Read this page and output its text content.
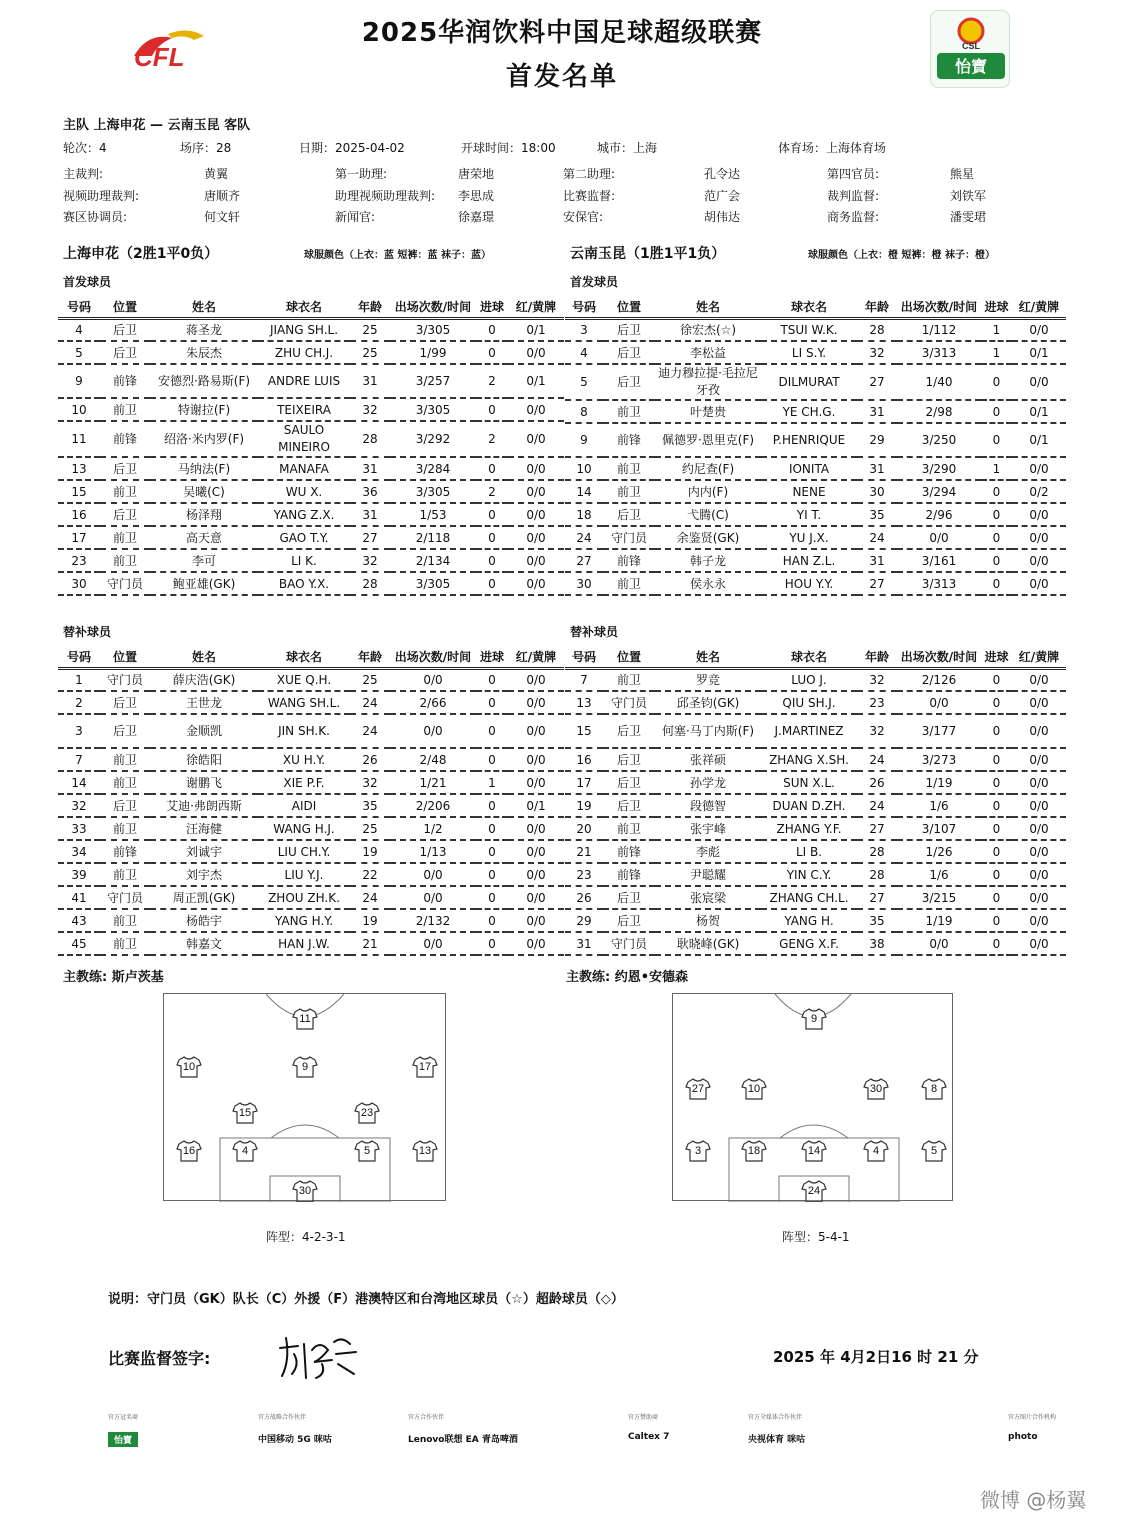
CFL
2025华润饮料中国足球超级联赛
首发名单
CSL
怡寶
主队 上海申花 — 云南玉昆 客队
轮次：4	场序：28	日期：2025-04-02	开球时间：18:00	城市：上海	体育场：上海体育场
主裁判:	黄翼	第一助理:	唐荣地	第二助理:	孔令达	第四官员:	熊星
视频助理裁判:	唐顺齐	助理视频助理裁判: 李思成	比赛监督:	范广会	裁判监督:	刘铁军
赛区协调员:	何文轩	新闻官:	徐嘉璟	安保官:	胡伟达	商务监督:	潘雯珺
上海申花（2胜1平0负）	球服颜色（上衣：蓝 短裤：蓝 袜子：蓝）
首发球员
云南玉昆（1胜1平1负）	球服颜色（上衣：橙 短裤：橙 袜子：橙）
首发球员
号码	位置	姓名	球衣名	年龄	出场次数/时间	进球	红/黄牌
4	后卫	蒋圣龙	JIANG SH.L.	25	3/305	0	0/1
5	后卫	朱辰杰	ZHU CH.J.	25	1/99	0	0/0
9	前锋	安德烈·路易斯(F)	ANDRE LUIS	31	3/257	2	0/1
10	前卫	特谢拉(F)	TEIXEIRA	32	3/305	0	0/0
11	前锋	绍洛·米内罗(F)	SAULO MINEIRO	28	3/292	2	0/0
13	后卫	马纳法(F)	MANAFA	31	3/284	0	0/0
15	前卫	吴曦(C)	WU X.	36	3/305	2	0/0
16	后卫	杨泽翔	YANG Z.X.	31	1/53	0	0/0
17	前卫	高天意	GAO T.Y.	27	2/118	0	0/0
23	前卫	李可	LI K.	32	2/134	0	0/0
30	守门员	鲍亚雄(GK)	BAO Y.X.	28	3/305	0	0/0
号码	位置	姓名	球衣名	年龄	出场次数/时间	进球	红/黄牌
3	后卫	徐宏杰(☆)	TSUI W.K.	28	1/112	1	0/0
4	后卫	李松益	LI S.Y.	32	3/313	1	0/1
5	后卫	迪力穆拉提·毛拉尼牙孜	DILMURAT	27	1/40	0	0/0
8	前卫	叶楚贵	YE CH.G.	31	2/98	0	0/1
9	前锋	佩德罗·恩里克(F)	P.HENRIQUE	29	3/250	0	0/1
10	前卫	约尼查(F)	IONITA	31	3/290	1	0/0
14	前卫	内内(F)	NENE	30	3/294	0	0/2
18	后卫	弋腾(C)	YI T.	35	2/96	0	0/0
24	守门员	余鉴贤(GK)	YU J.X.	24	0/0	0	0/0
27	前锋	韩子龙	HAN Z.L.	31	3/161	0	0/0
30	前卫	侯永永	HOU Y.Y.	27	3/313	0	0/0
替补球员	替补球员
号码	位置	姓名	球衣名	年龄	出场次数/时间	进球	红/黄牌
1	守门员	薛庆浩(GK)	XUE Q.H.	25	0/0	0	0/0
2	后卫	王世龙	WANG SH.L.	24	2/66	0	0/0
3	后卫	金顺凯	JIN SH.K.	24	0/0	0	0/0
7	前卫	徐皓阳	XU H.Y.	26	2/48	0	0/0
14	前卫	谢鹏飞	XIE P.F.	32	1/21	1	0/0
32	后卫	艾迪·弗朗西斯	AIDI	35	2/206	0	0/1
33	前卫	汪海健	WANG H.J.	25	1/2	0	0/0
34	前锋	刘诚宇	LIU CH.Y.	19	1/13	0	0/0
39	前卫	刘宇杰	LIU Y.J.	22	0/0	0	0/0
41	守门员	周正凯(GK)	ZHOU ZH.K.	24	0/0	0	0/0
43	前卫	杨皓宇	YANG H.Y.	19	2/132	0	0/0
45	前卫	韩嘉文	HAN J.W.	21	0/0	0	0/0
号码	位置	姓名	球衣名	年龄	出场次数/时间	进球	红/黄牌
7	前卫	罗竞	LUO J.	32	2/126	0	0/0
13	守门员	邱圣钧(GK)	QIU SH.J.	23	0/0	0	0/0
15	后卫	何塞·马丁内斯(F)	J.MARTINEZ	32	3/177	0	0/0
16	后卫	张祥硕	ZHANG X.SH.	24	3/273	0	0/0
17	后卫	孙学龙	SUN X.L.	26	1/19	0	0/0
19	后卫	段德智	DUAN D.ZH.	24	1/6	0	0/0
20	前卫	张宇峰	ZHANG Y.F.	27	3/107	0	0/0
21	前锋	李彪	LI B.	28	1/26	0	0/0
23	前锋	尹聪耀	YIN C.Y.	28	1/6	0	0/0
26	后卫	张宸梁	ZHANG CH.L.	27	3/215	0	0/0
29	后卫	杨贺	YANG H.	35	1/19	0	0/0
31	守门员	耿晓峰(GK)	GENG X.F.	38	0/0	0	0/0
主教练: 斯卢茨基	主教练: 约恩•安德森
11
10	9	17
15	23
16	4	5	13
30
9
27	10	30	8
3	18	14	4	5
24
阵型：4-2-3-1	阵型：5-4-1
说明：守门员（GK）队长（C）外援（F）港澳特区和台湾地区球员（☆）超龄球员（◇）
比赛监督签字:	2025 年 4月2日16 时 21 分
官方冠名商
怡寶
官方战略合作伙伴
中国移动 5G 咪咕
官方合作伙伴
Lenovo联想 EA 青岛啤酒
官方赞助商
Caltex 7
官方全媒体合作伙伴
央视体育 咪咕
官方图片合作机构
photo
微博 @杨翼
